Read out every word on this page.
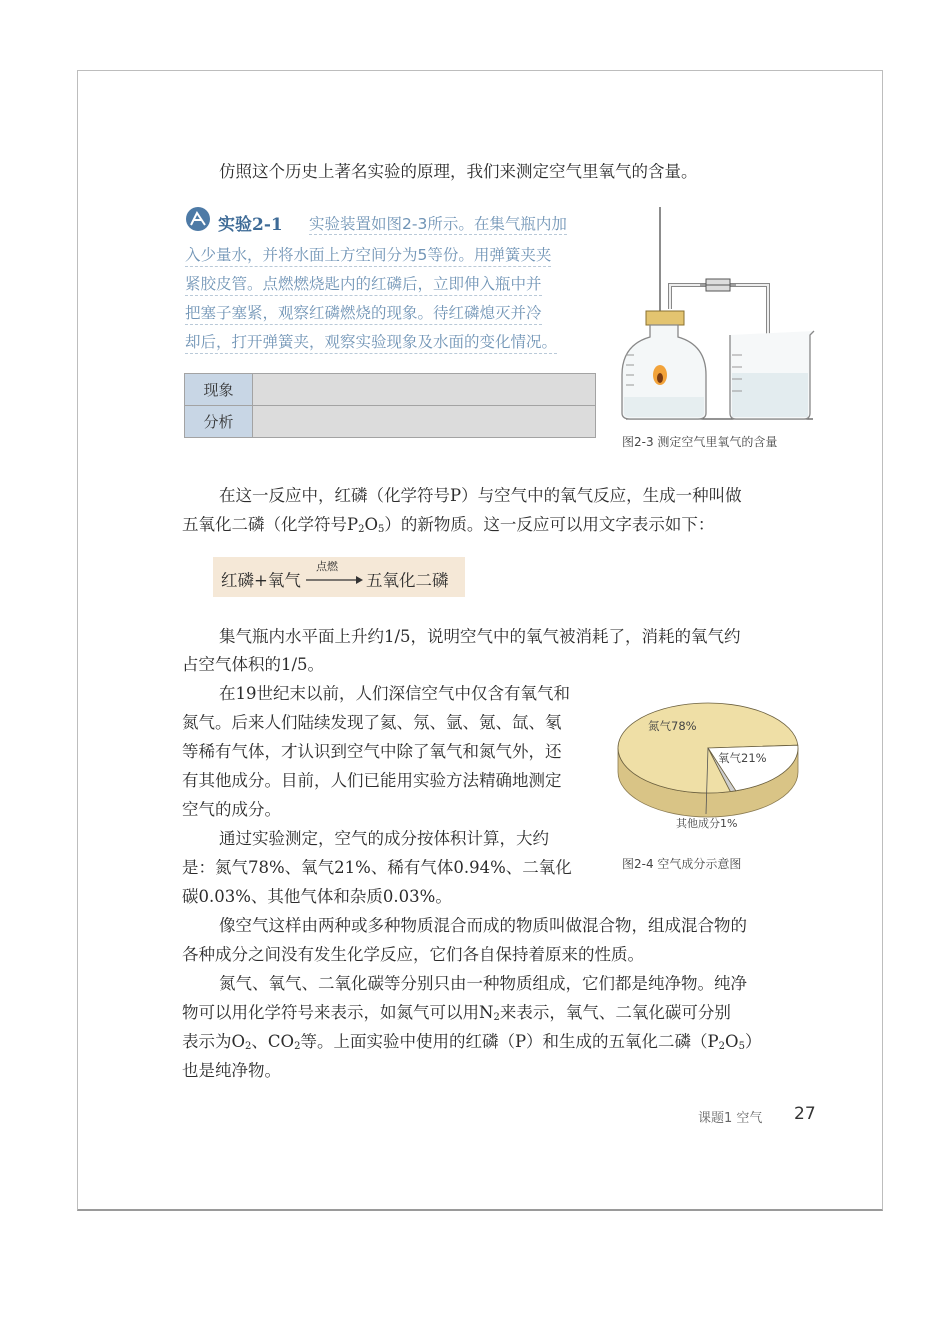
仿照这个历史上著名实验的原理，我们来测定空气里氧气的含量。
实验2-1 实验装置如图2-3所示。在集气瓶内加
入少量水，并将水面上方空间分为5等份。用弹簧夹夹
紧胶皮管。点燃燃烧匙内的红磷后，立即伸入瓶中并
把塞子塞紧，观察红磷燃烧的现象。待红磷熄灭并冷
却后，打开弹簧夹，观察实验现象及水面的变化情况。
现象	
分析	
图2-3 测定空气里氧气的含量
在这一反应中，红磷（化学符号P）与空气中的氧气反应，生成一种叫做
五氧化二磷（化学符号$P_2O_5$）的新物质。这一反应可以用文字表示如下：
红磷+氧气
点燃
→ 五氧化二磷
集气瓶内水平面上升约1/5，说明空气中的氧气被消耗了，消耗的氧气约
占空气体积的1/5。
在19世纪末以前，人们深信空气中仅含有氧气和
氮气。后来人们陆续发现了氦、氖、氩、氪、氙、氡
等稀有气体，才认识到空气中除了氧气和氮气外，还
有其他成分。目前，人们已能用实验方法精确地测定
空气的成分。
通过实验测定，空气的成分按体积计算，大约
是：氮气78%、氧气21%、稀有气体0.94%、二氧化
碳0.03%、其他气体和杂质0.03%。
氮气78%
氧气21%
其他成分1%
图2-4 空气成分示意图
像空气这样由两种或多种物质混合而成的物质叫做混合物，组成混合物的
各种成分之间没有发生化学反应，它们各自保持着原来的性质。
氮气、氧气、二氧化碳等分别只由一种物质组成，它们都是纯净物。纯净
物可以用化学符号来表示，如氮气可以用$N_2$来表示，氧气、二氧化碳可分别
表示为$O_2$、$CO_2$等。上面实验中使用的红磷（P）和生成的五氧化二磷$(P_2O_5)$
也是纯净物。
课题1 空气 27
